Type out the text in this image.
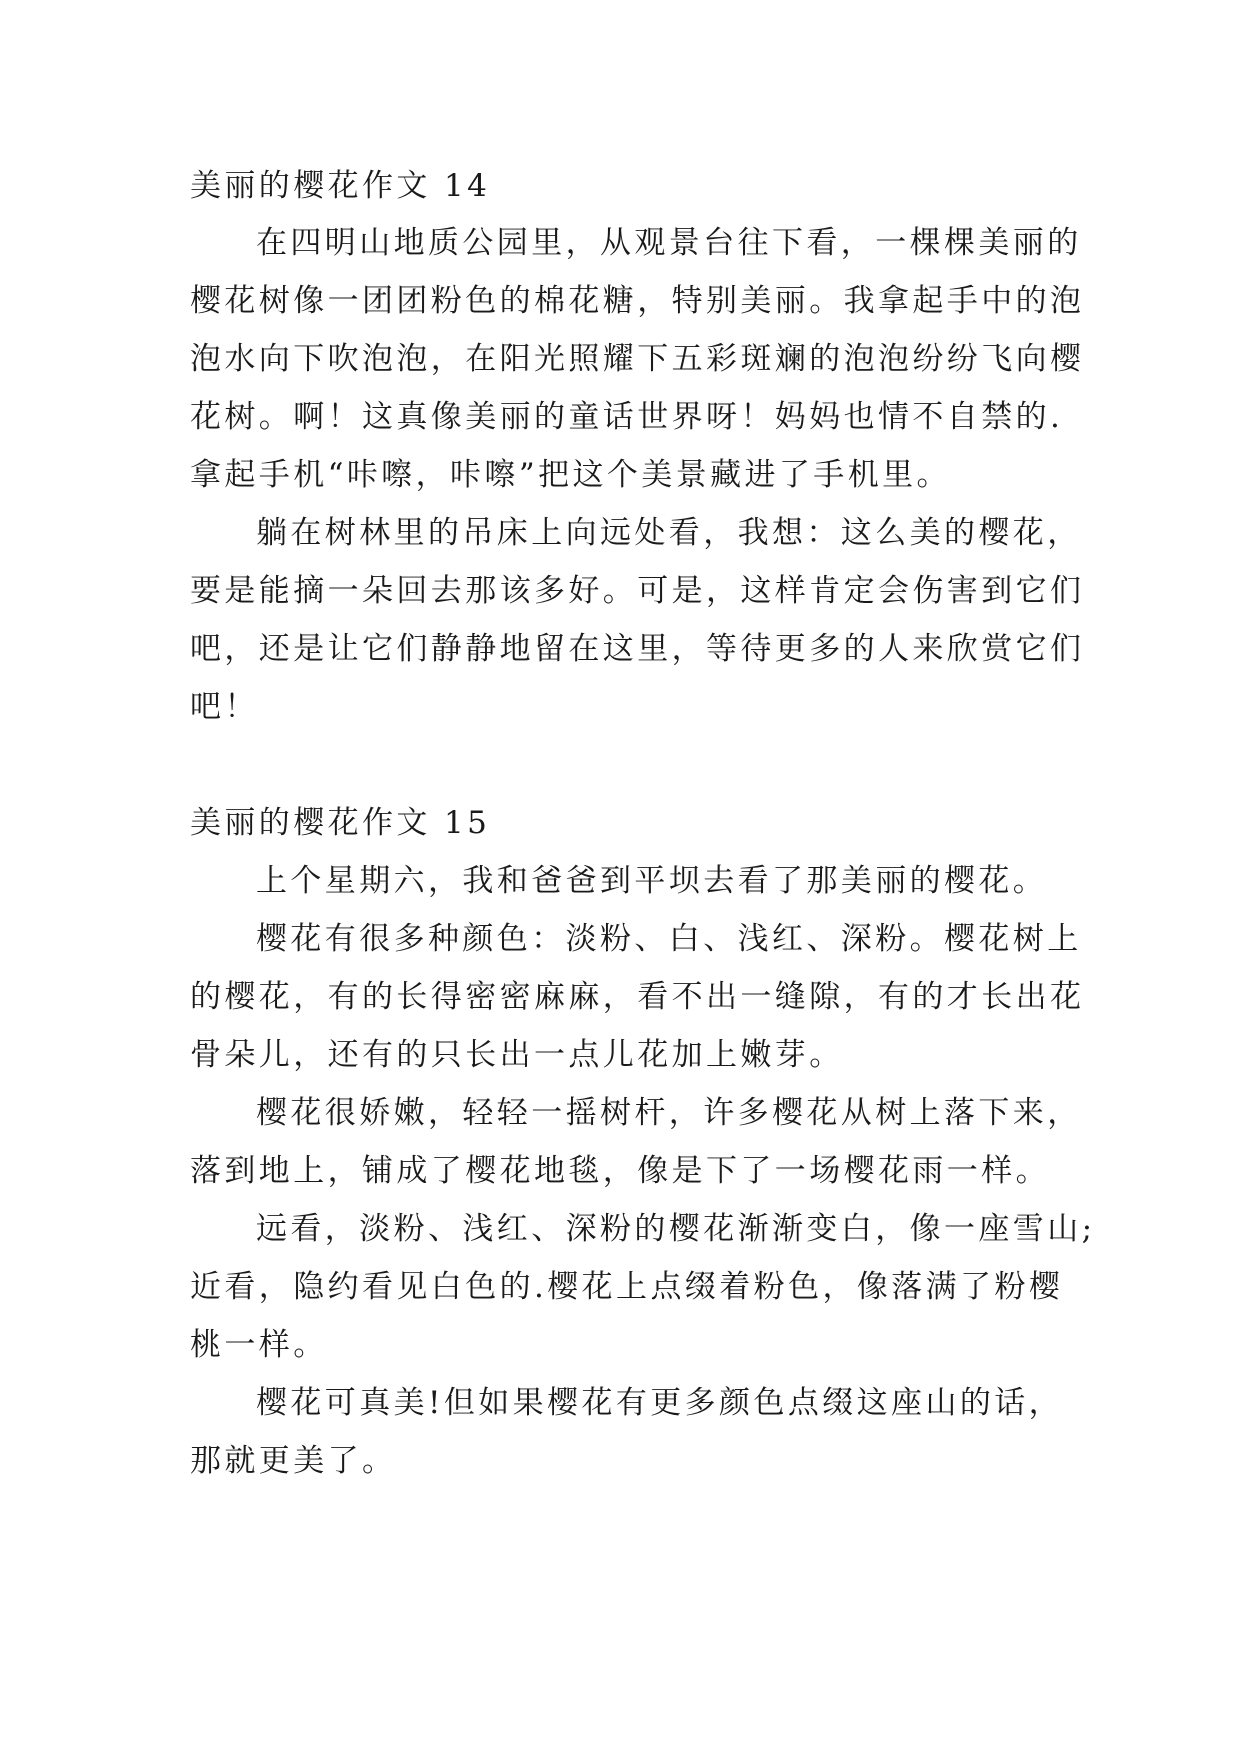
美丽的樱花作文 14
在四明山地质公园里，从观景台往下看，一棵棵美丽的
樱花树像一团团粉色的棉花糖，特别美丽。我拿起手中的泡
泡水向下吹泡泡，在阳光照耀下五彩斑斓的泡泡纷纷飞向樱
花树。啊！这真像美丽的童话世界呀！妈妈也情不自禁的.
拿起手机“咔嚓，咔嚓”把这个美景藏进了手机里。
躺在树林里的吊床上向远处看，我想：这么美的樱花，
要是能摘一朵回去那该多好。可是，这样肯定会伤害到它们
吧，还是让它们静静地留在这里，等待更多的人来欣赏它们
吧！
美丽的樱花作文 15
上个星期六，我和爸爸到平坝去看了那美丽的樱花。
樱花有很多种颜色：淡粉、白、浅红、深粉。樱花树上
的樱花，有的长得密密麻麻，看不出一缝隙，有的才长出花
骨朵儿，还有的只长出一点儿花加上嫩芽。
樱花很娇嫩，轻轻一摇树杆，许多樱花从树上落下来，
落到地上，铺成了樱花地毯，像是下了一场樱花雨一样。
远看，淡粉、浅红、深粉的樱花渐渐变白，像一座雪山;
近看，隐约看见白色的.樱花上点缀着粉色，像落满了粉樱
桃一样。
樱花可真美!但如果樱花有更多颜色点缀这座山的话，
那就更美了。
